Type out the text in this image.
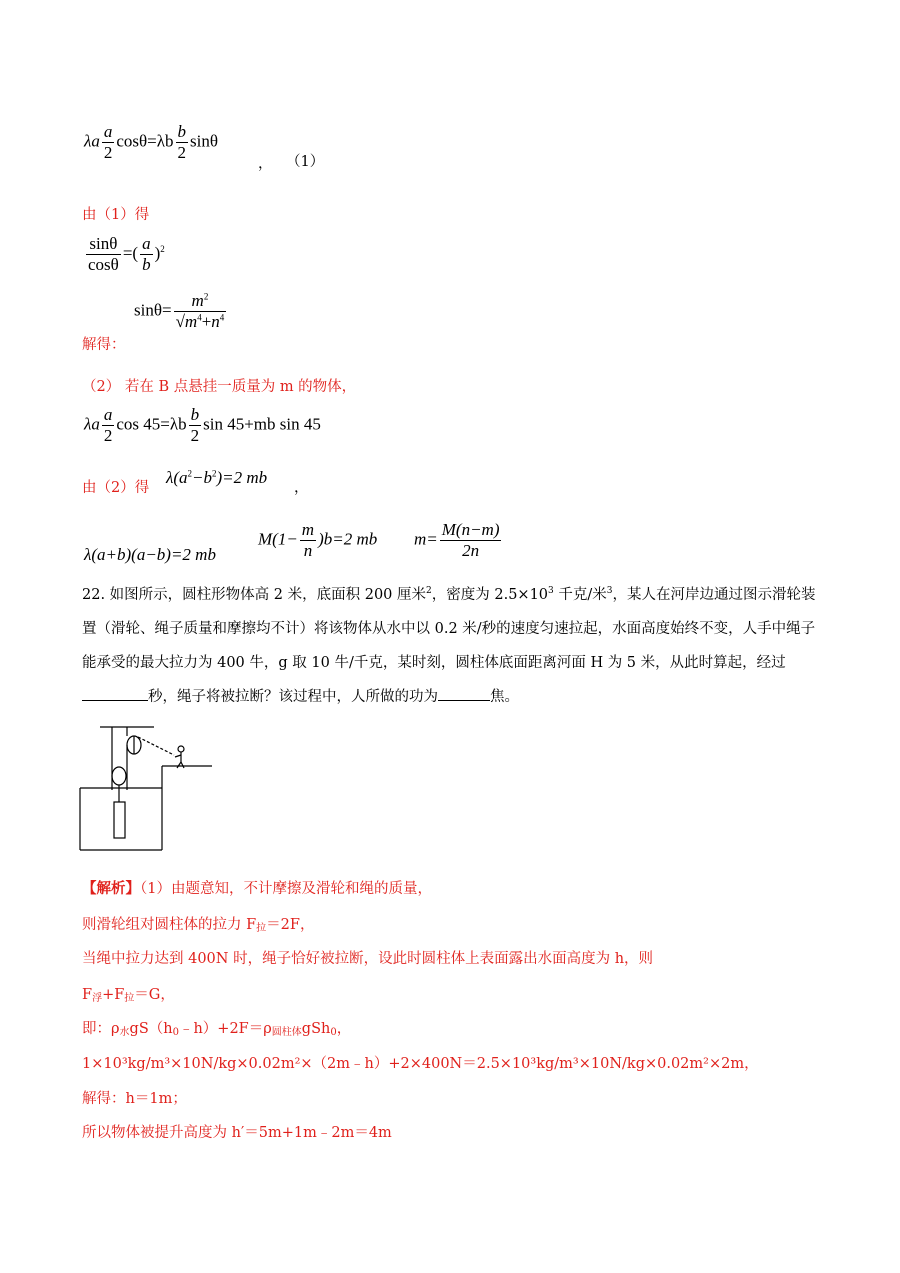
λa $\frac{a}{2} \cos\theta=\lambda b \frac{b}{2}$ sinθ
， （1）
由（1）得
$\frac{\sin\theta}{\cos\theta}$ =( $\frac{a}{b} )^2$
$\sin\theta= \frac{m^2}{√m^4+n^4}$
解得：
（2） 若在 B 点悬挂一质量为 m 的物体，
λa $\frac{a}{2}$ $\cos 45=\lambda b \frac{b}{2}$ sin 45+mb sin 45
由（2）得
$\lambda(a^2-b^2)=2$ mb
，
λ(a+b)(a−b)=2 mb
$M(1- \frac{m}{n} )b=2$ mb $m= \frac{M(n-m)}{2n}$
22. 如图所示，圆柱形物体高 2 米，底面积 200 厘米$^2$，密度为 $2.5\times 10^3$ 千克/米$^3$，某人在河岸边通过图示滑轮装置（滑轮、绳子质量和摩擦均不计）将该物体从水中以 0.2 米/秒的速度匀速拉起，水面高度始终不变，人手中绳子能承受的最大拉力为 400 牛，g 取 10 牛/千克，某时刻，圆柱体底面距离河面 H 为 5 米，从此时算起，经过秒，绳子将被拉断？该过程中，人所做的功为	焦。
【解析】（1）由题意知，不计摩擦及滑轮和绳的质量，
则滑轮组对圆柱体的拉力 $F_拉=2F$，
当绳中拉力达到 400N 时，绳子恰好被拉断，设此时圆柱体上表面露出水面高度为 h，则
$F_浮+F_拉=G$，
即：$\rho_水gS(h_0﹣h)+2F=\rho_{圆柱体}gSh_0$，
1×10³kg/m³×10N/kg×0.02m²×（2m﹣h）+2×400N＝2.5×10³kg/m³×10N/kg×0.02m²×2m，
解得：h＝1m；
所以物体被提升高度为 h′＝5m+1m﹣2m＝4m
